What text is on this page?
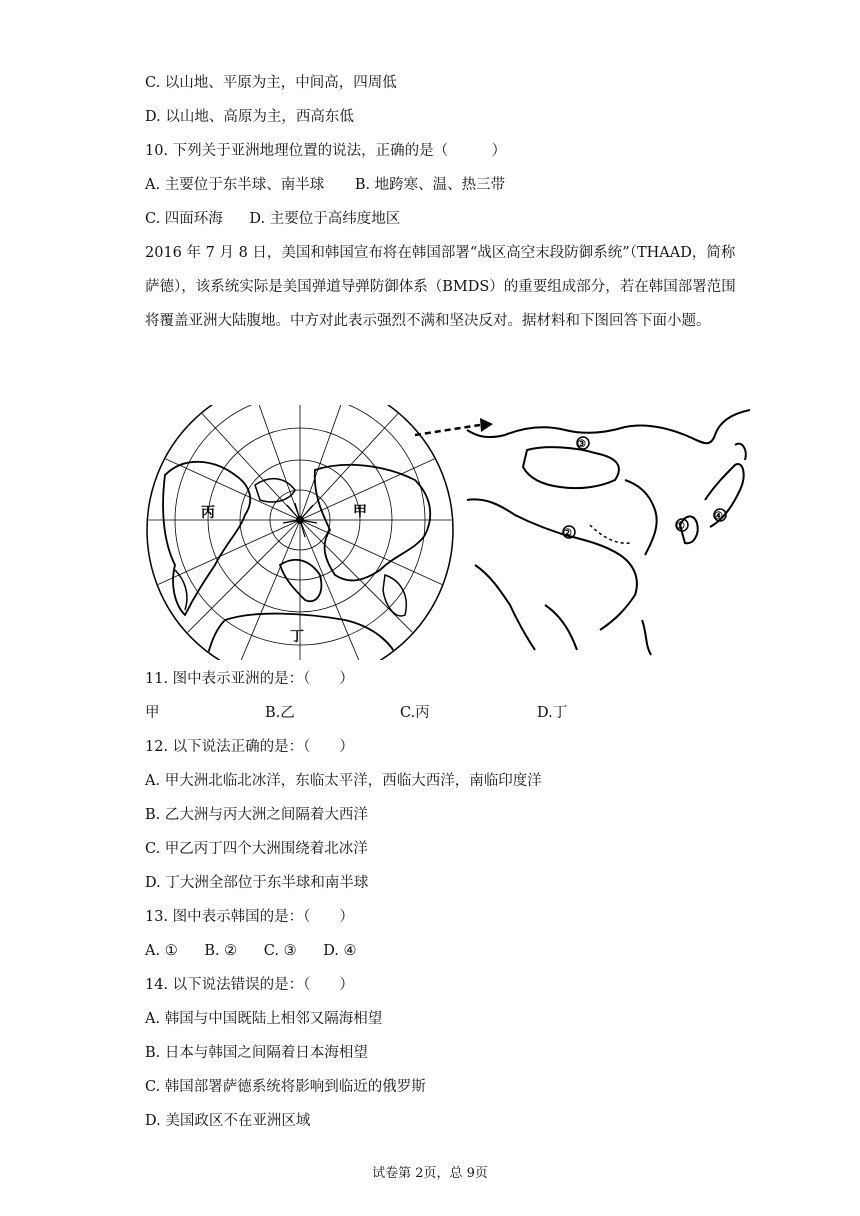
C. 以山地、平原为主，中间高，四周低
D. 以山地、高原为主，西高东低
10. 下列关于亚洲地理位置的说法，正确的是（　　　）
A. 主要位于东半球、南半球 B. 地跨寒、温、热三带
C. 四面环海 D. 主要位于高纬度地区
2016 年 7 月 8 日，美国和韩国宣布将在韩国部署“战区高空末段防御系统”（THAAD，简称萨德），该系统实际是美国弹道导弹防御体系（BMDS）的重要组成部分，若在韩国部署范围将覆盖亚洲大陆腹地。中方对此表示强烈不满和坚决反对。据材料和下图回答下面小题。
丙	甲
丁
③
②
①
④
11. 图中表示亚洲的是：（　　）
甲	B.乙	C.丙	D.丁
12. 以下说法正确的是：（　　）
A. 甲大洲北临北冰洋，东临太平洋，西临大西洋，南临印度洋
B. 乙大洲与丙大洲之间隔着大西洋
C. 甲乙丙丁四个大洲围绕着北冰洋
D. 丁大洲全部位于东半球和南半球
13. 图中表示韩国的是：（　　）
A. ① B. ② C. ③ D. ④
14. 以下说法错误的是：（　　）
A. 韩国与中国既陆上相邻又隔海相望
B. 日本与韩国之间隔着日本海相望
C. 韩国部署萨德系统将影响到临近的俄罗斯
D. 美国政区不在亚洲区域
试卷第 2页，总 9页
